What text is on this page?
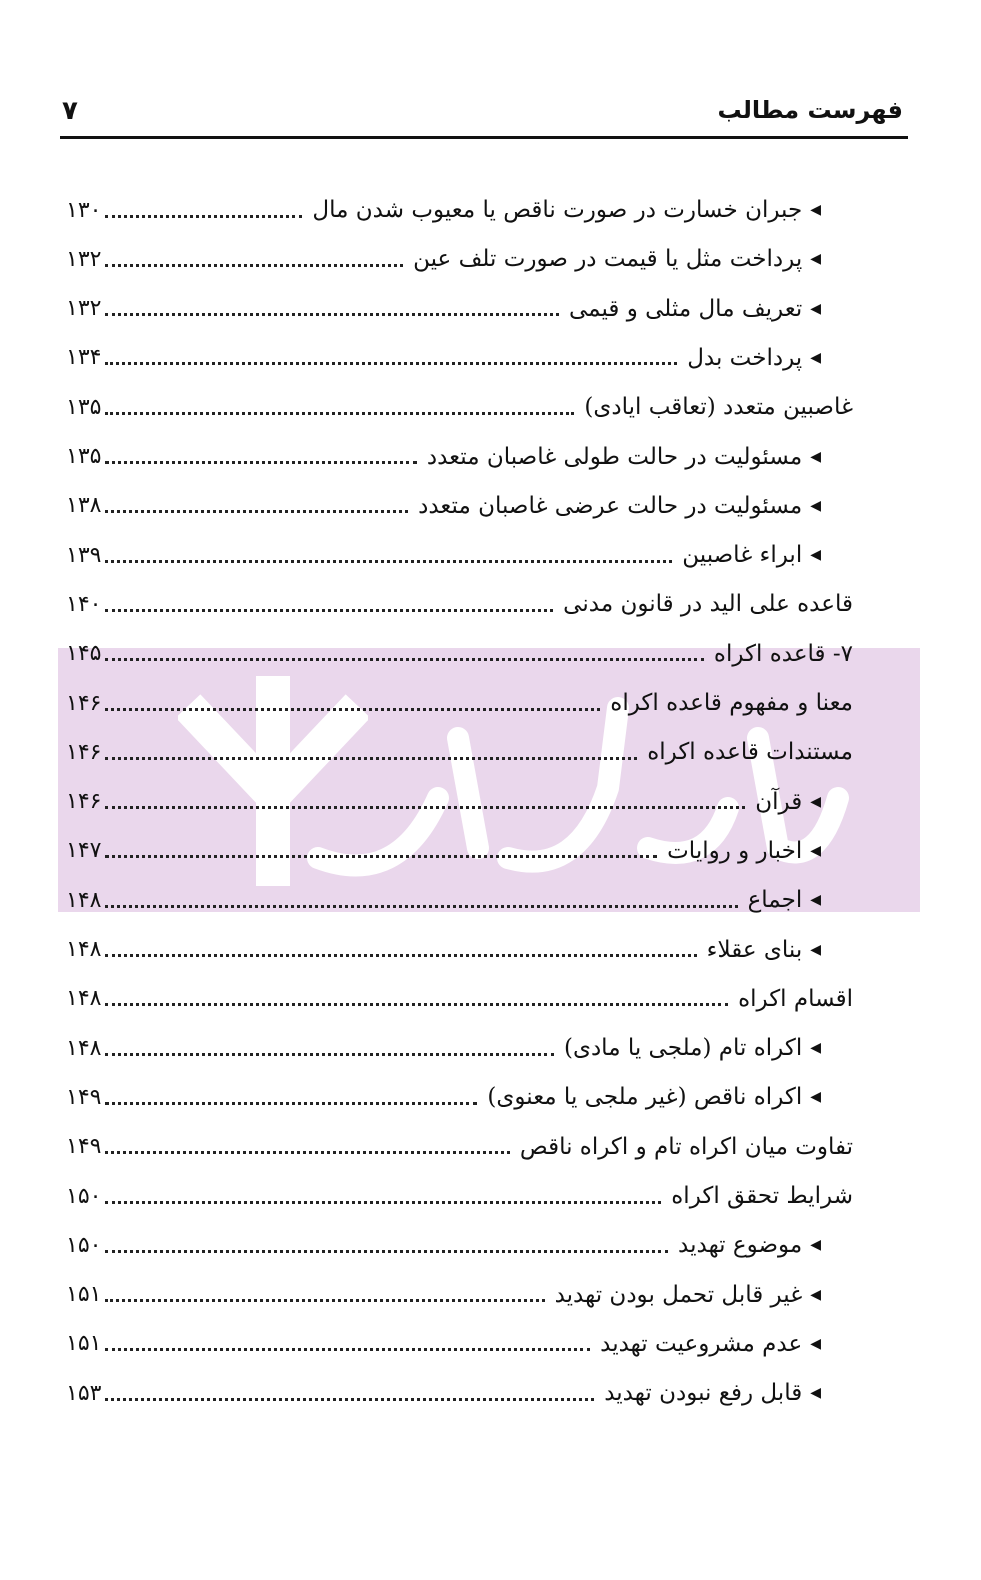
فهرست مطالب
۷
◀
جبران خسارت در صورت ناقص یا معیوب شدن مال
۱۳۰
◀
پرداخت مثل یا قیمت در صورت تلف عین
۱۳۲
◀
تعریف مال مثلی و قیمی
۱۳۲
◀
پرداخت بدل
۱۳۴
غاصبین متعدد (تعاقب ایادی)
۱۳۵
◀
مسئولیت در حالت طولی غاصبان متعدد
۱۳۵
◀
مسئولیت در حالت عرضی غاصبان متعدد
۱۳۸
◀
ابراء غاصبین
۱۳۹
قاعده علی الید در قانون مدنی
۱۴۰
۷- قاعده اکراه
۱۴۵
معنا و مفهوم قاعده اکراه
۱۴۶
مستندات قاعده اکراه
۱۴۶
◀
قرآن
۱۴۶
◀
اخبار و روایات
۱۴۷
◀
اجماع
۱۴۸
◀
بنای عقلاء
۱۴۸
اقسام اکراه
۱۴۸
◀
اکراه تام (ملجی یا مادی)
۱۴۸
◀
اکراه ناقص (غیر ملجی یا معنوی)
۱۴۹
تفاوت میان اکراه تام و اکراه ناقص
۱۴۹
شرایط تحقق اکراه
۱۵۰
◀
موضوع تهدید
۱۵۰
◀
غیر قابل تحمل بودن تهدید
۱۵۱
◀
عدم مشروعیت تهدید
۱۵۱
◀
قابل رفع نبودن تهدید
۱۵۳
